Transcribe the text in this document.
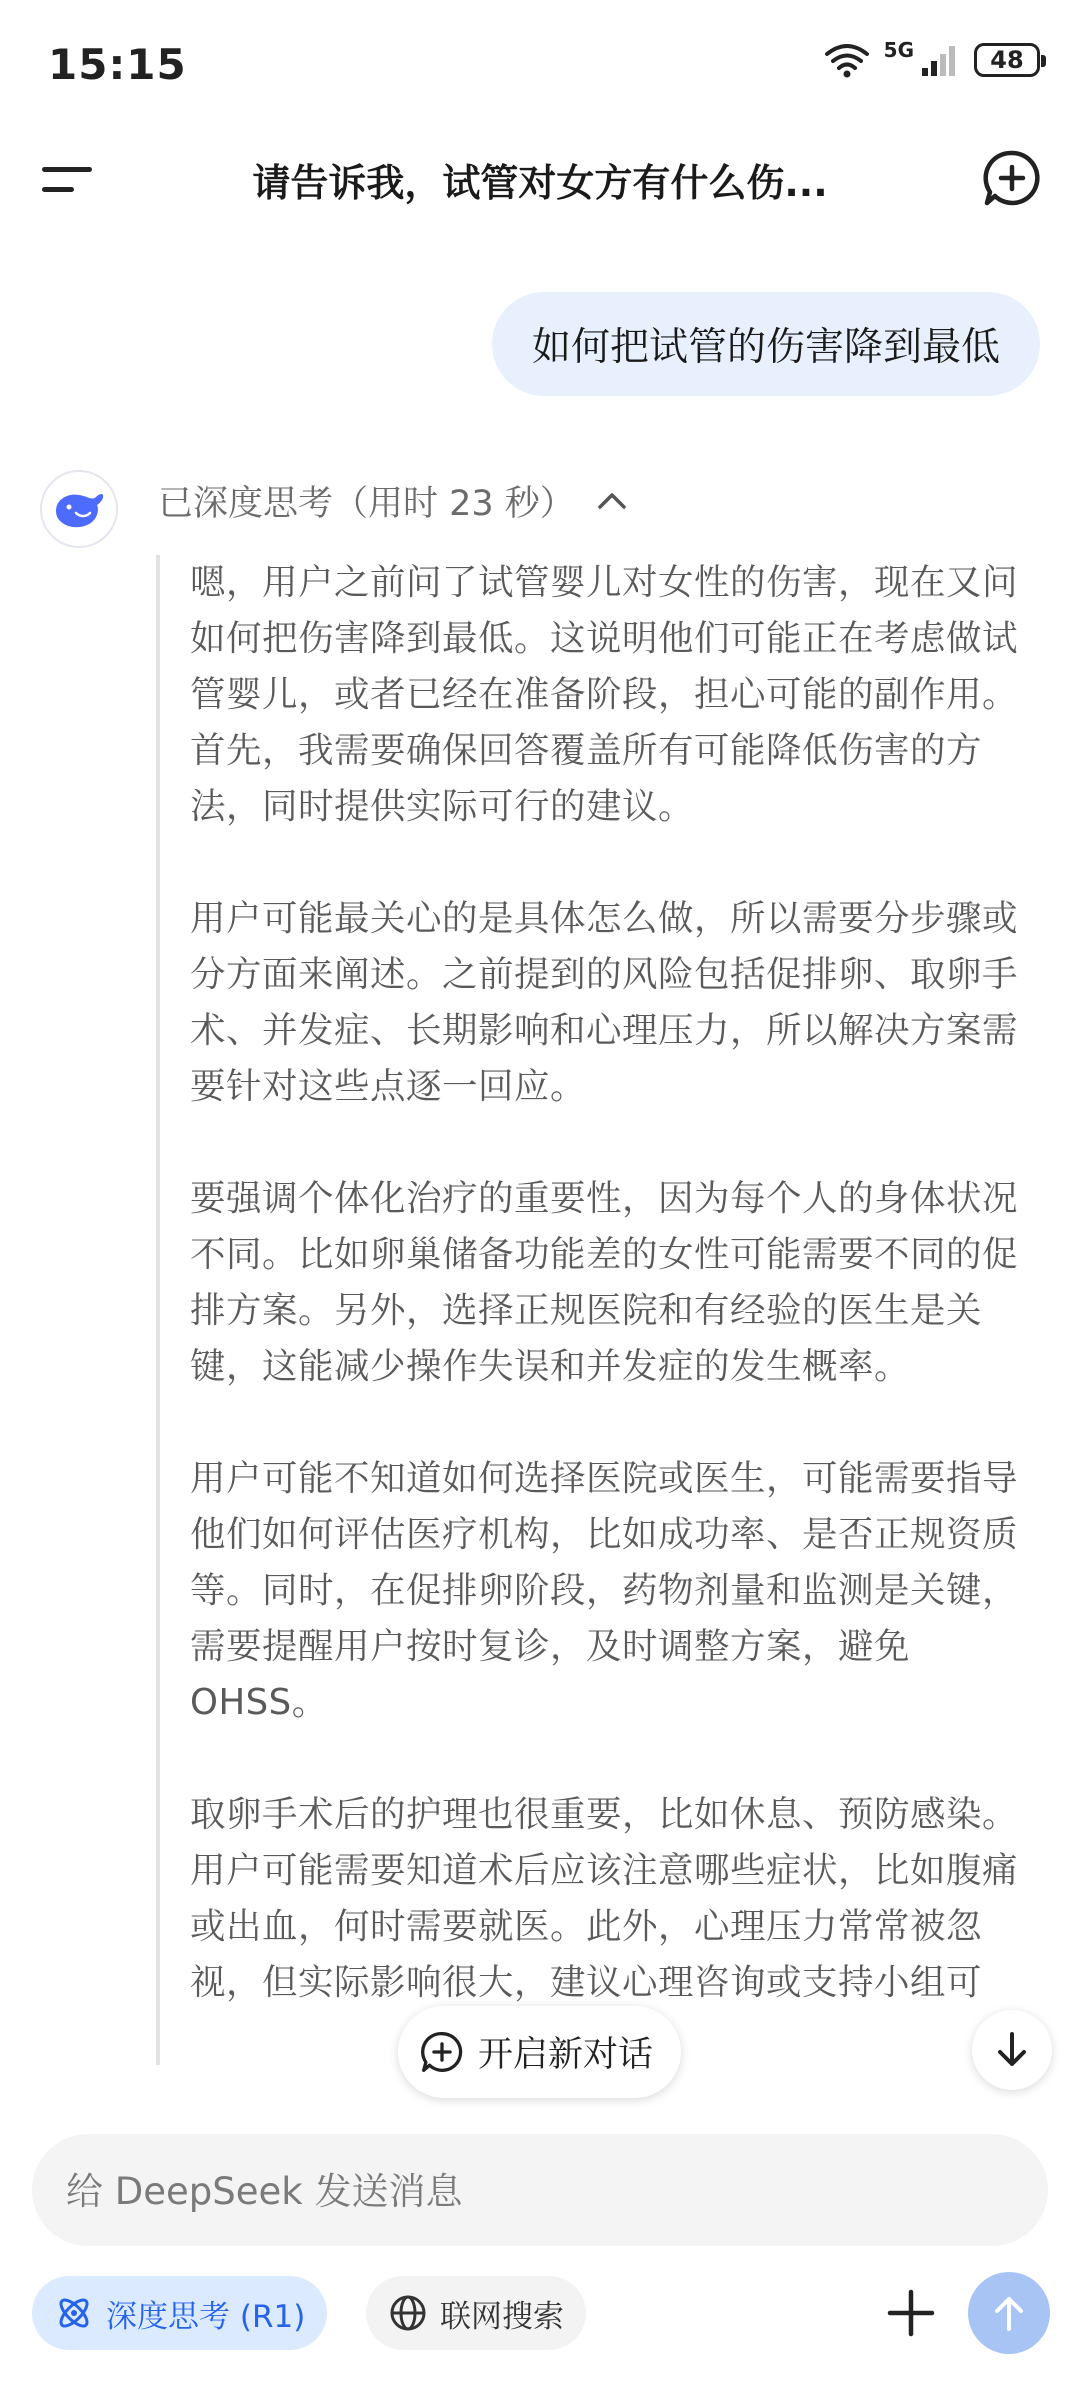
15:15	5G	48
请告诉我，试管对女方有什么伤...
如何把试管的伤害降到最低
已深度思考（用时 23 秒）

嗯，用户之前问了试管婴儿对女性的伤害，现在又问如何把伤害降到最低。这说明他们可能正在考虑做试管婴儿，或者已经在准备阶段，担心可能的副作用。首先，我需要确保回答覆盖所有可能降低伤害的方法，同时提供实际可行的建议。

用户可能最关心的是具体怎么做，所以需要分步骤或分方面来阐述。之前提到的风险包括促排卵、取卵手术、并发症、长期影响和心理压力，所以解决方案需要针对这些点逐一回应。

要强调个体化治疗的重要性，因为每个人的身体状况不同。比如卵巢储备功能差的女性可能需要不同的促排方案。另外，选择正规医院和有经验的医生是关键，这能减少操作失误和并发症的发生概率。

用户可能不知道如何选择医院或医生，可能需要指导他们如何评估医疗机构，比如成功率、是否正规资质等。同时，在促排卵阶段，药物剂量和监测是关键，需要提醒用户按时复诊，及时调整方案，避免OHSS。

取卵手术后的护理也很重要，比如休息、预防感染。用户可能需要知道术后应该注意哪些症状，比如腹痛或出血，何时需要就医。此外，心理压力常常被忽视，但实际影响很大，建议心理咨询或支持小组可

开启新对话
给 DeepSeek 发送消息
深度思考 (R1)	联网搜索
